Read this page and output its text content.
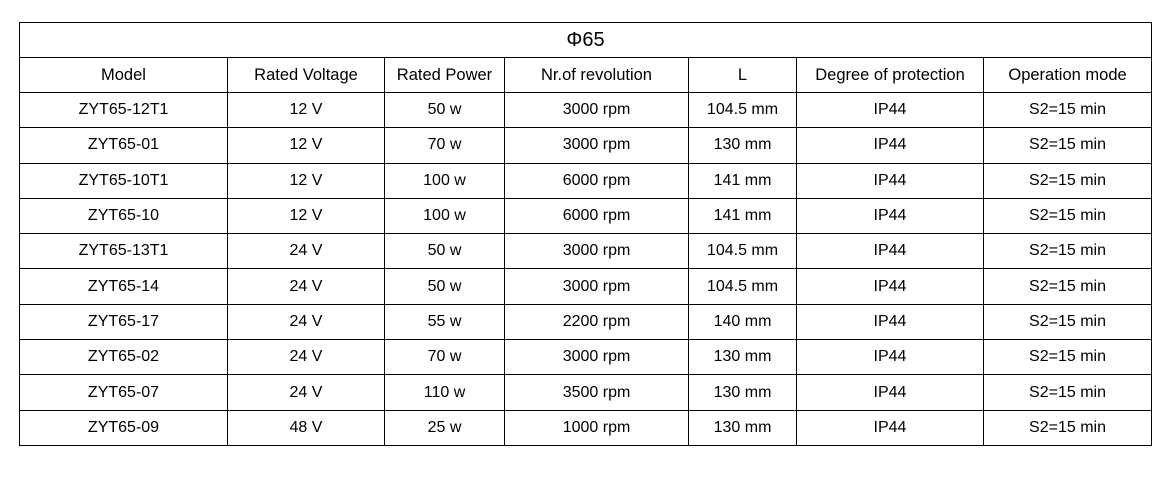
Φ65						
Model	Rated Voltage	Rated Power	Nr.of revolution	L	Degree of protection	Operation mode
ZYT65-12T1	12 V	50 w	3000 rpm	104.5 mm	IP44	S2=15 min
ZYT65-01	12 V	70 w	3000 rpm	130 mm	IP44	S2=15 min
ZYT65-10T1	12 V	100 w	6000 rpm	141 mm	IP44	S2=15 min
ZYT65-10	12 V	100 w	6000 rpm	141 mm	IP44	S2=15 min
ZYT65-13T1	24 V	50 w	3000 rpm	104.5 mm	IP44	S2=15 min
ZYT65-14	24 V	50 w	3000 rpm	104.5 mm	IP44	S2=15 min
ZYT65-17	24 V	55 w	2200 rpm	140 mm	IP44	S2=15 min
ZYT65-02	24 V	70 w	3000 rpm	130 mm	IP44	S2=15 min
ZYT65-07	24 V	110 w	3500 rpm	130 mm	IP44	S2=15 min
ZYT65-09	48 V	25 w	1000 rpm	130 mm	IP44	S2=15 min
